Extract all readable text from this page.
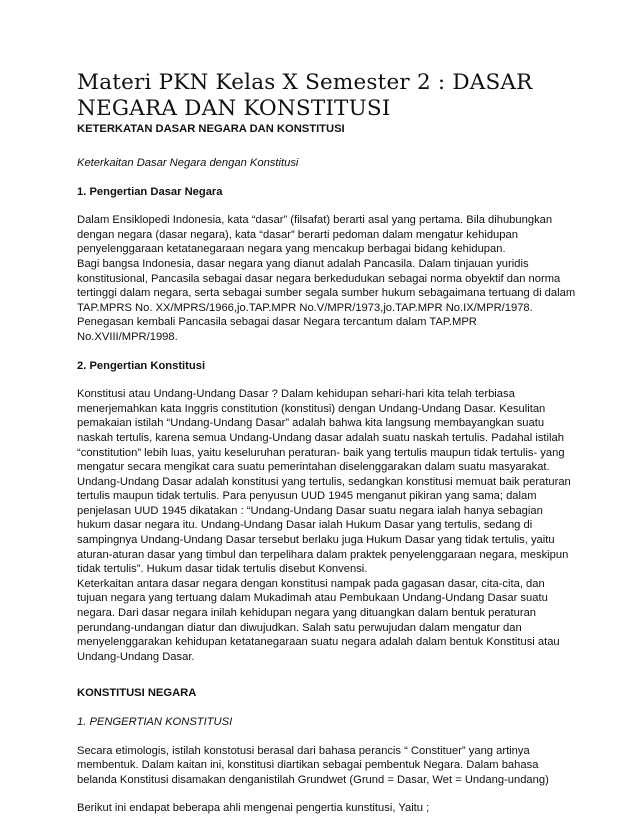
Materi PKN Kelas X Semester 2 : DASAR
NEGARA DAN KONSTITUSI
KETERKATAN DASAR NEGARA DAN KONSTITUSI

Keterkaitan Dasar Negara dengan Konstitusi

1. Pengertian Dasar Negara

Dalam Ensiklopedi Indonesia, kata “dasar” (filsafat) berarti asal yang pertama. Bila dihubungkan dengan negara (dasar negara), kata “dasar” berarti pedoman dalam mengatur kehidupan penyelenggaraan ketatanegaraan negara yang mencakup berbagai bidang kehidupan.

Bagi bangsa Indonesia, dasar negara yang dianut adalah Pancasila. Dalam tinjauan yuridis konstitusional, Pancasila sebagai dasar negara berkedudukan sebagai norma obyektif dan norma tertinggi dalam negara, serta sebagai sumber segala sumber hukum sebagaimana tertuang di dalam TAP.MPRS No. XX/MPRS/1966,jo.TAP.MPR No.V/MPR/1973,jo.TAP.MPR No.IX/MPR/1978.

Penegasan kembali Pancasila sebagai dasar Negara tercantum dalam TAP.MPR No.XVIII/MPR/1998.

2. Pengertian Konstitusi

Konstitusi atau Undang-Undang Dasar ? Dalam kehidupan sehari-hari kita telah terbiasa menerjemahkan kata Inggris constitution (konstitusi) dengan Undang-Undang Dasar. Kesulitan pemakaian istilah “Undang-Undang Dasar” adalah bahwa kita langsung membayangkan suatu naskah tertulis, karena semua Undang-Undang dasar adalah suatu naskah tertulis. Padahal istilah “constitution” lebih luas, yaitu keseluruhan peraturan- baik yang tertulis maupun tidak tertulis- yang mengatur secara mengikat cara suatu pemerintahan diselenggarakan dalam suatu masyarakat.

Undang-Undang Dasar adalah konstitusi yang tertulis, sedangkan konstitusi memuat baik peraturan tertulis maupun tidak tertulis. Para penyusun UUD 1945 menganut pikiran yang sama; dalam penjelasan UUD 1945 dikatakan : “Undang-Undang Dasar suatu negara ialah hanya sebagian hukum dasar negara itu. Undang-Undang Dasar ialah Hukum Dasar yang tertulis, sedang di sampingnya Undang-Undang Dasar tersebut berlaku juga Hukum Dasar yang tidak tertulis, yaitu aturan-aturan dasar yang timbul dan terpelihara dalam praktek penyelenggaraan negara, meskipun tidak tertulis”. Hukum dasar tidak tertulis disebut Konvensi.

Keterkaitan antara dasar negara dengan konstitusi nampak pada gagasan dasar, cita-cita, dan tujuan negara yang tertuang dalam Mukadimah atau Pembukaan Undang-Undang Dasar suatu negara. Dari dasar negara inilah kehidupan negara yang dituangkan dalam bentuk peraturan perundang-undangan diatur dan diwujudkan. Salah satu perwujudan dalam mengatur dan menyelenggarakan kehidupan ketatanegaraan suatu negara adalah dalam bentuk Konstitusi atau Undang-Undang Dasar.

KONSTITUSI NEGARA

1. PENGERTIAN KONSTITUSI

Secara etimologis, istilah konstotusi berasal dari bahasa perancis “ Constituer” yang artinya membentuk. Dalam kaitan ini, konstitusi diartikan sebagai pembentuk Negara. Dalam bahasa belanda Konstitusi disamakan denganistilah Grundwet (Grund = Dasar, Wet = Undang-undang)

Berikut ini endapat beberapa ahli mengenai pengertia kunstitusi, Yaitu ;
